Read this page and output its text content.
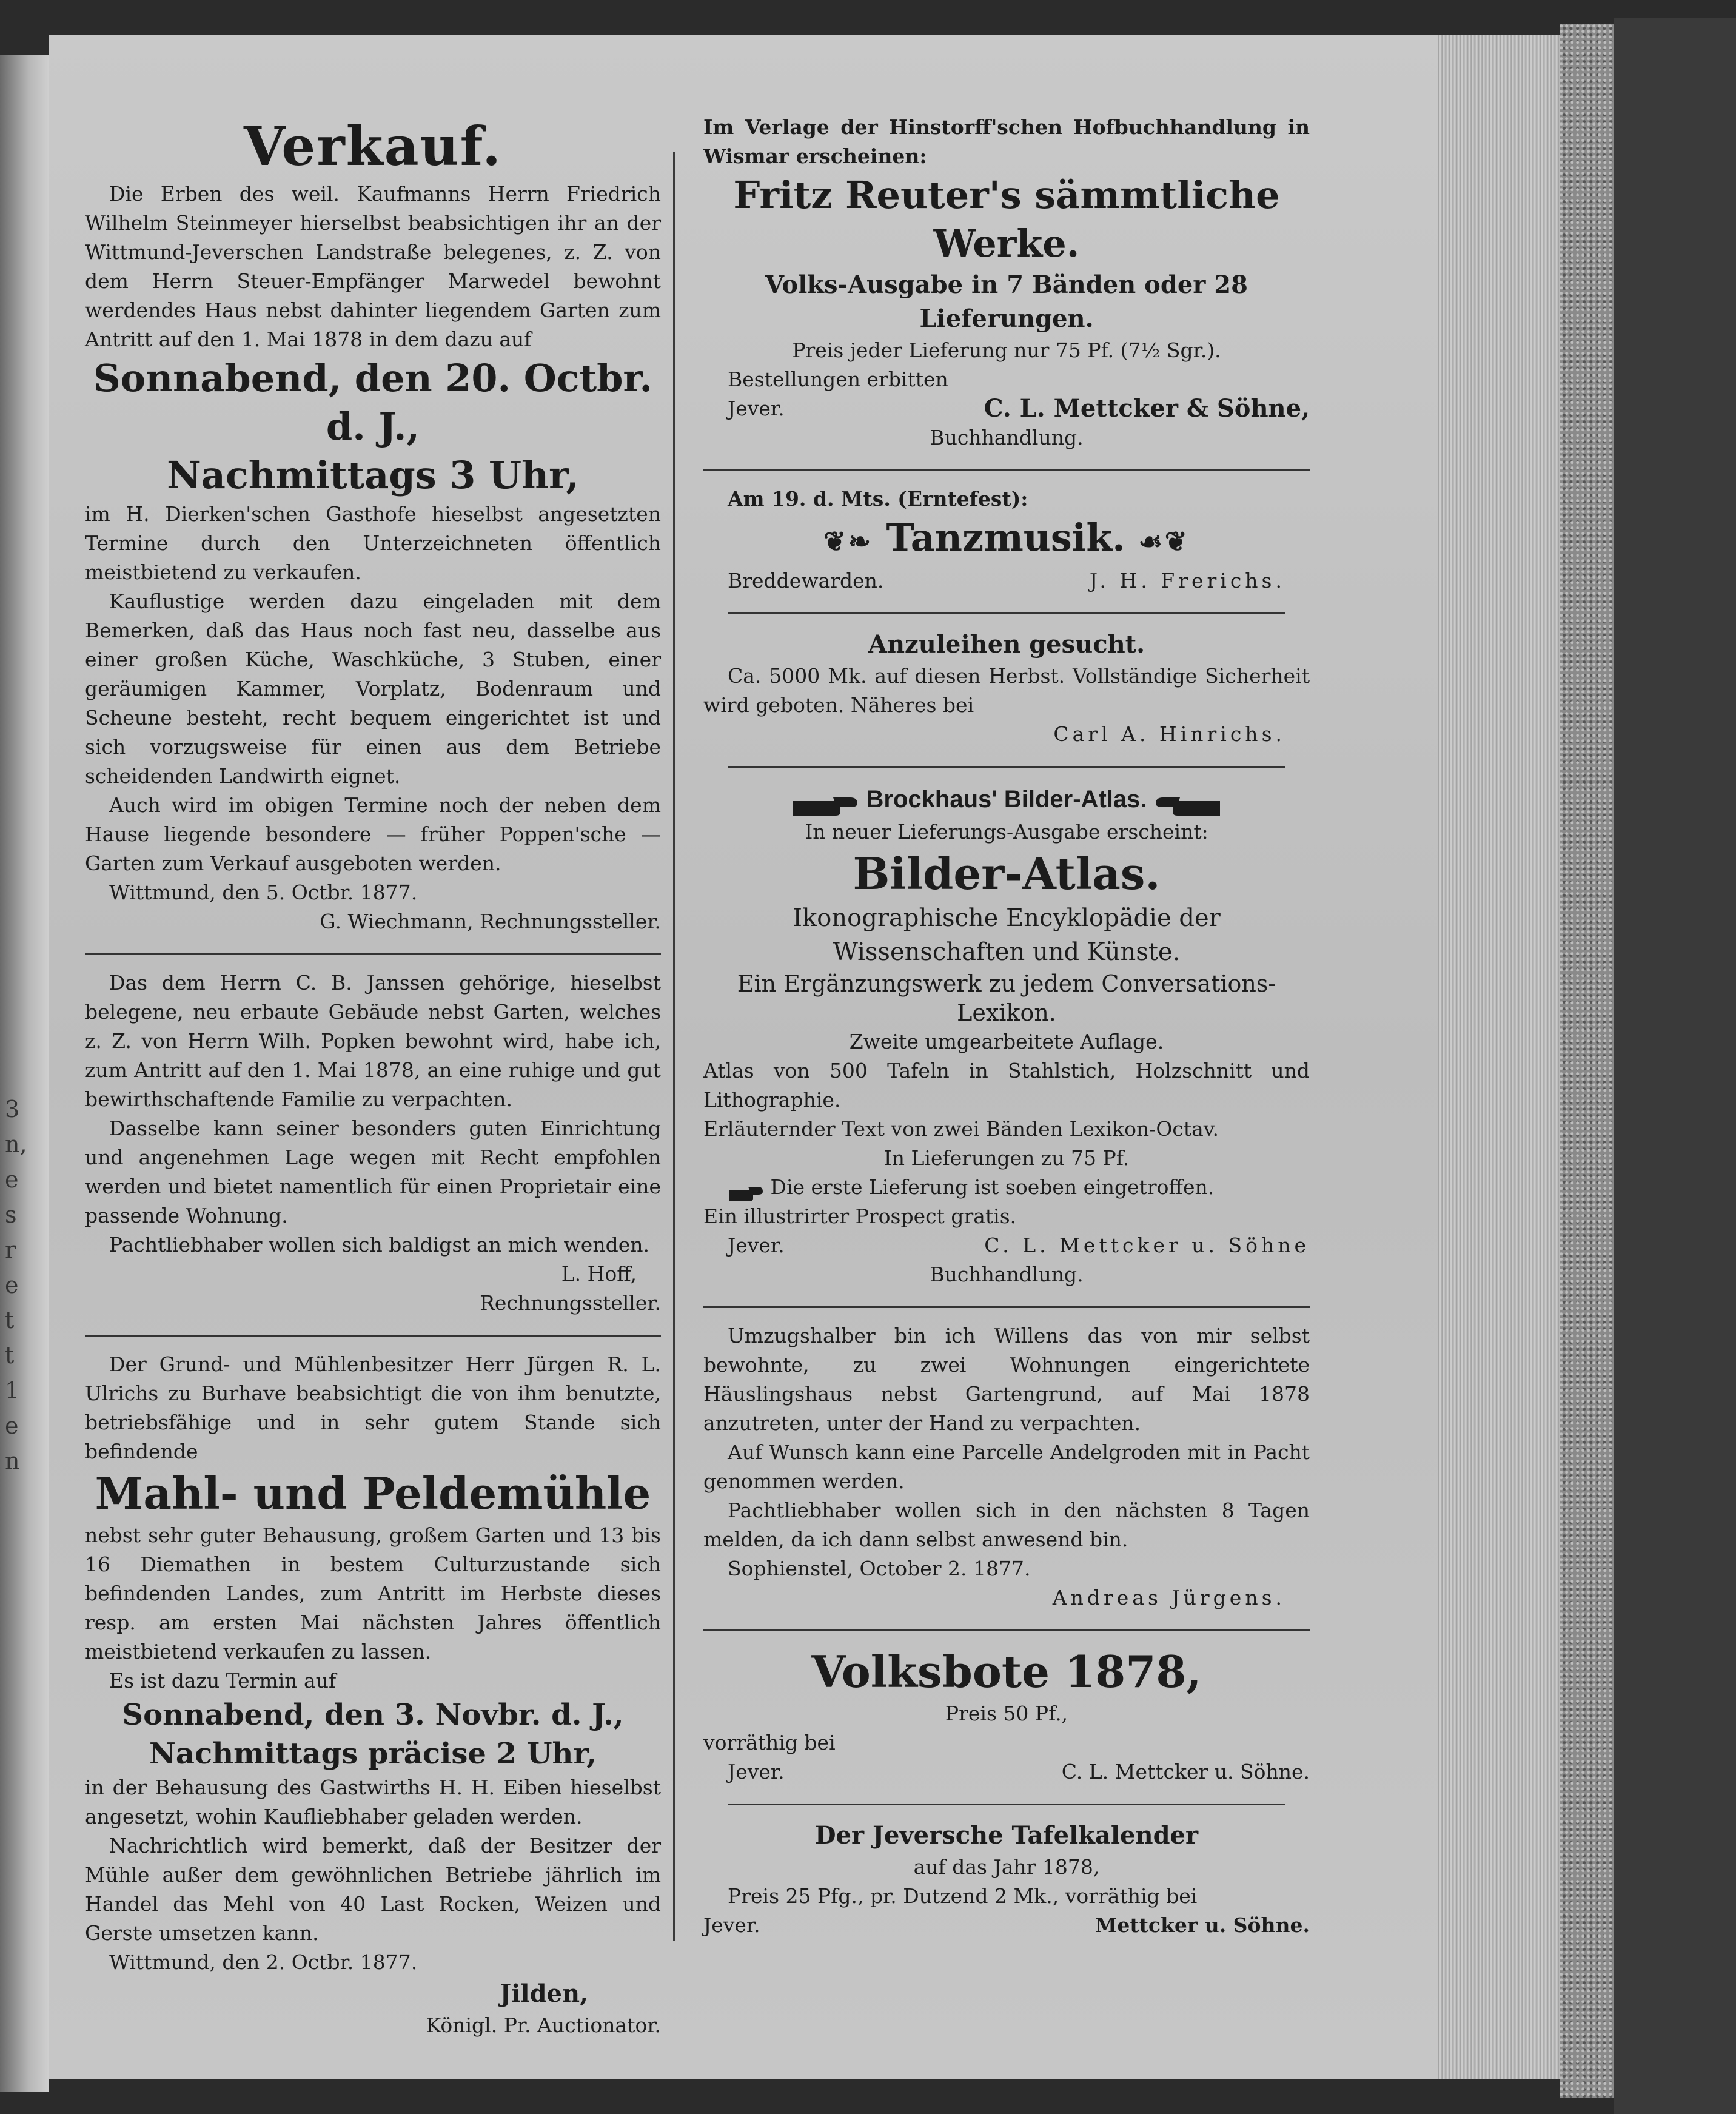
3
n,
e
s
r
e
t
t
1
e
n
Verkauf.
Die Erben des weil. Kaufmanns Herrn Friedrich Wilhelm Steinmeyer hierselbst beabsichtigen ihr an der Wittmund-Jeverschen Landstraße belegenes, z. Z. von dem Herrn Steuer-Empfänger Marwedel bewohnt werdendes Haus nebst dahinter liegendem Garten zum Antritt auf den 1. Mai 1878 in dem dazu auf
Sonnabend, den 20. Octbr. d. J.,
Nachmittags 3 Uhr,
im H. Dierken'schen Gasthofe hieselbst angesetzten Termine durch den Unterzeichneten öffentlich meistbietend zu verkaufen.
Kauflustige werden dazu eingeladen mit dem Bemerken, daß das Haus noch fast neu, dasselbe aus einer großen Küche, Waschküche, 3 Stuben, einer geräumigen Kammer, Vorplatz, Bodenraum und Scheune besteht, recht bequem eingerichtet ist und sich vorzugsweise für einen aus dem Betriebe scheidenden Landwirth eignet.
Auch wird im obigen Termine noch der neben dem Hause liegende besondere — früher Poppen'sche — Garten zum Verkauf ausgeboten werden.
Wittmund, den 5. Octbr. 1877.
G. Wiechmann, Rechnungssteller.
Das dem Herrn C. B. Janssen gehörige, hieselbst belegene, neu erbaute Gebäude nebst Garten, welches z. Z. von Herrn Wilh. Popken bewohnt wird, habe ich, zum Antritt auf den 1. Mai 1878, an eine ruhige und gut bewirthschaftende Familie zu verpachten.
Dasselbe kann seiner besonders guten Einrichtung und angenehmen Lage wegen mit Recht empfohlen werden und bietet namentlich für einen Proprietair eine passende Wohnung.
Pachtliebhaber wollen sich baldigst an mich wenden.
L. Hoff,
Rechnungssteller.
Der Grund- und Mühlenbesitzer Herr Jürgen R. L. Ulrichs zu Burhave beabsichtigt die von ihm benutzte, betriebsfähige und in sehr gutem Stande sich befindende
Mahl- und Peldemühle
nebst sehr guter Behausung, großem Garten und 13 bis 16 Diemathen in bestem Culturzustande sich befindenden Landes, zum Antritt im Herbste dieses resp. am ersten Mai nächsten Jahres öffentlich meistbietend verkaufen zu lassen.
Es ist dazu Termin auf
Sonnabend, den 3. Novbr. d. J.,
Nachmittags präcise 2 Uhr,
in der Behausung des Gastwirths H. H. Eiben hieselbst angesetzt, wohin Kaufliebhaber geladen werden.
Nachrichtlich wird bemerkt, daß der Besitzer der Mühle außer dem gewöhnlichen Betriebe jährlich im Handel das Mehl von 40 Last Rocken, Weizen und Gerste umsetzen kann.
Wittmund, den 2. Octbr. 1877.
Jilden,
Königl. Pr. Auctionator.
Im Verlage der Hinstorff'schen Hofbuchhandlung in Wismar erscheinen:
Fritz Reuter's sämmtliche
Werke.
Volks-Ausgabe in 7 Bänden oder 28 Lieferungen.
Preis jeder Lieferung nur 75 Pf. (7½ Sgr.).
Bestellungen erbitten
Jever.	C. L. Mettcker & Söhne,
Buchhandlung.
Am 19. d. Mts. (Erntefest):
❦❧ Tanzmusik. ☙❦
Breddewarden.	J. H. Frerichs.
Anzuleihen gesucht.
Ca. 5000 Mk. auf diesen Herbst. Vollständige Sicherheit wird geboten. Näheres bei
Carl A. Hinrichs.
Brockhaus' Bilder-Atlas.
In neuer Lieferungs-Ausgabe erscheint:
Bilder-Atlas.
Ikonographische Encyklopädie der Wissenschaften und Künste.
Ein Ergänzungswerk zu jedem Conversations-Lexikon.
Zweite umgearbeitete Auflage.
Atlas von 500 Tafeln in Stahlstich, Holzschnitt und Lithographie.
Erläuternder Text von zwei Bänden Lexikon-Octav.
In Lieferungen zu 75 Pf.
Die erste Lieferung ist soeben eingetroffen.
Ein illustrirter Prospect gratis.
Jever.	C. L. Mettcker u. Söhne
Buchhandlung.
Umzugshalber bin ich Willens das von mir selbst bewohnte, zu zwei Wohnungen eingerichtete Häuslingshaus nebst Gartengrund, auf Mai 1878 anzutreten, unter der Hand zu verpachten.
Auf Wunsch kann eine Parcelle Andelgroden mit in Pacht genommen werden.
Pachtliebhaber wollen sich in den nächsten 8 Tagen melden, da ich dann selbst anwesend bin.
Sophienstel, October 2. 1877.
Andreas Jürgens.
Volksbote 1878,
Preis 50 Pf.,
vorräthig bei
Jever.	C. L. Mettcker u. Söhne.
Der Jeversche Tafelkalender
auf das Jahr 1878,
Preis 25 Pfg., pr. Dutzend 2 Mk., vorräthig bei
Jever.	Mettcker u. Söhne.
